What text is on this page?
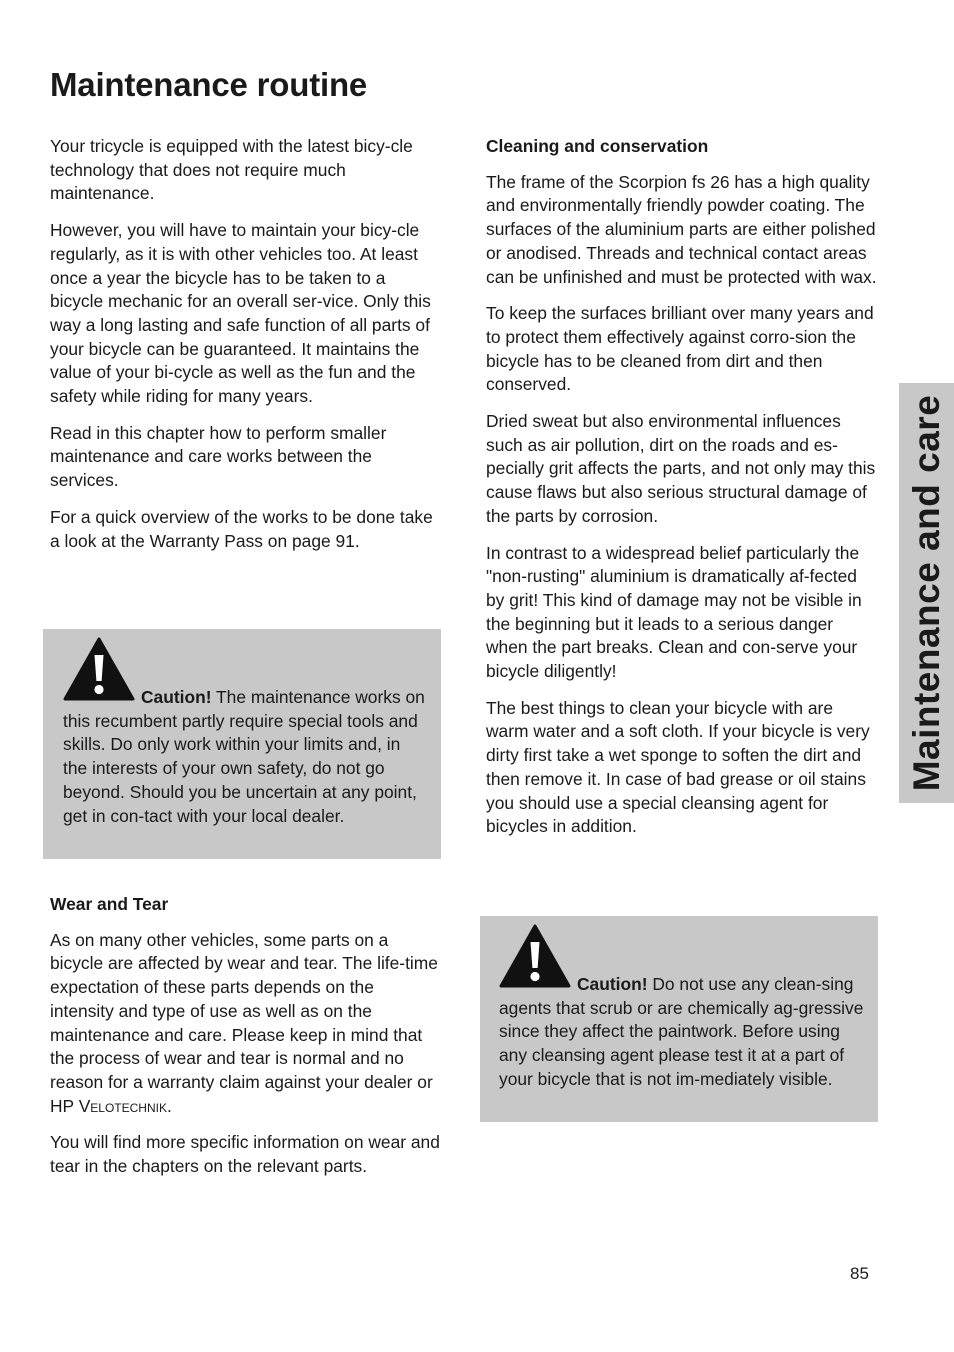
Maintenance routine

Your tricycle is equipped with the latest bicy-cle technology that does not require much maintenance.

However, you will have to maintain your bicy-cle regularly, as it is with other vehicles too. At least once a year the bicycle has to be taken to a bicycle mechanic for an overall ser-vice. Only this way a long lasting and safe function of all parts of your bicycle can be guaranteed. It maintains the value of your bi-cycle as well as the fun and the safety while riding for many years.

Read in this chapter how to perform smaller maintenance and care works between the services.

For a quick overview of the works to be done take a look at the Warranty Pass on page 91.

Caution! The maintenance works on this recumbent partly require special tools and skills. Do only work within your limits and, in the interests of your own safety, do not go beyond. Should you be uncertain at any point, get in con-tact with your local dealer.

Wear and Tear

As on many other vehicles, some parts on a bicycle are affected by wear and tear. The life-time expectation of these parts depends on the intensity and type of use as well as on the maintenance and care. Please keep in mind that the process of wear and tear is normal and no reason for a warranty claim against your dealer or HP Velotechnik.

You will find more specific information on wear and tear in the chapters on the relevant parts.

Cleaning and conservation

The frame of the Scorpion fs 26 has a high quality and environmentally friendly powder coating. The surfaces of the aluminium parts are either polished or anodised. Threads and technical contact areas can be unfinished and must be protected with wax.

To keep the surfaces brilliant over many years and to protect them effectively against corro-sion the bicycle has to be cleaned from dirt and then conserved.

Dried sweat but also environmental influences such as air pollution, dirt on the roads and es-pecially grit affects the parts, and not only may this cause flaws but also serious structural damage of the parts by corrosion.

In contrast to a widespread belief particularly the "non-rusting" aluminium is dramatically af-fected by grit! This kind of damage may not be visible in the beginning but it leads to a serious danger when the part breaks. Clean and con-serve your bicycle diligently!

The best things to clean your bicycle with are warm water and a soft cloth. If your bicycle is very dirty first take a wet sponge to soften the dirt and then remove it. In case of bad grease or oil stains you should use a special cleansing agent for bicycles in addition.

Caution! Do not use any clean-sing agents that scrub or are chemically ag-gressive since they affect the paintwork. Before using any cleansing agent please test it at a part of your bicycle that is not im-mediately visible.

Maintenance and care
85
